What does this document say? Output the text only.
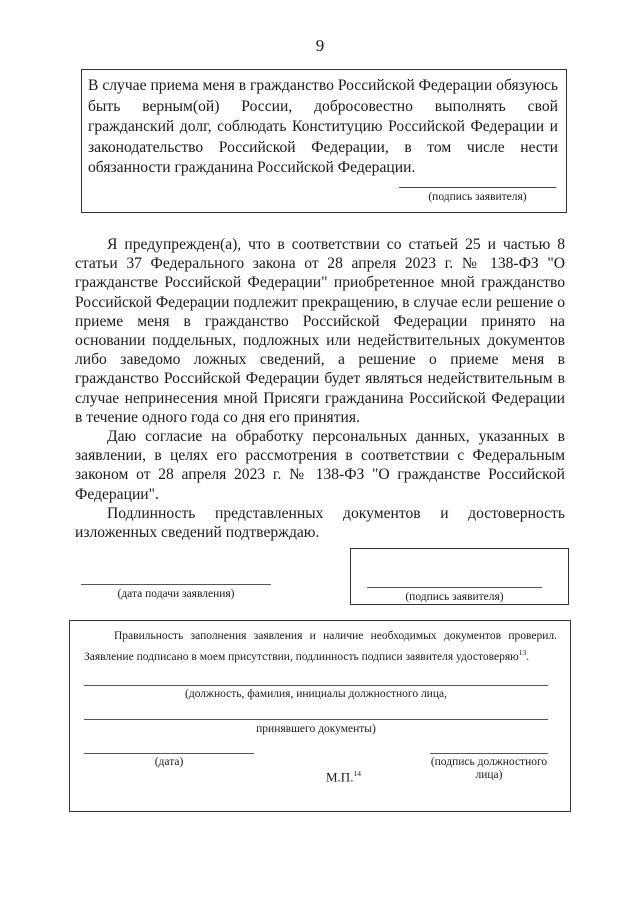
9
В случае приема меня в гражданство Российской Федерации обязуюсь быть верным(ой) России, добросовестно выполнять свой гражданский долг, соблюдать Конституцию Российской Федерации и законодательство Российской Федерации, в том числе нести обязанности гражданина Российской Федерации.
(подпись заявителя)

Я предупрежден(а), что в соответствии со статьей 25 и частью 8 статьи 37 Федерального закона от 28 апреля 2023 г. № 138-ФЗ "О гражданстве Российской Федерации" приобретенное мной гражданство Российской Федерации подлежит прекращению, в случае если решение о приеме меня в гражданство Российской Федерации принято на основании поддельных, подложных или недействительных документов либо заведомо ложных сведений, а решение о приеме меня в гражданство Российской Федерации будет являться недействительным в случае непринесения мной Присяги гражданина Российской Федерации в течение одного года со дня его принятия.

Даю согласие на обработку персональных данных, указанных в заявлении, в целях его рассмотрения в соответствии с Федеральным законом от 28 апреля 2023 г. № 138-ФЗ "О гражданстве Российской Федерации".

Подлинность представленных документов и достоверность изложенных сведений подтверждаю.

(дата подачи заявления)	(подпись заявителя)

Правильность заполнения заявления и наличие необходимых документов проверил. Заявление подписано в моем присутствии, подлинность подписи заявителя удостоверяю$^{13}$.

(должность, фамилия, инициалы должностного лица,
принявшего документы)
(дата)	(подпись должностного лица)
М.П.$^{14}$
